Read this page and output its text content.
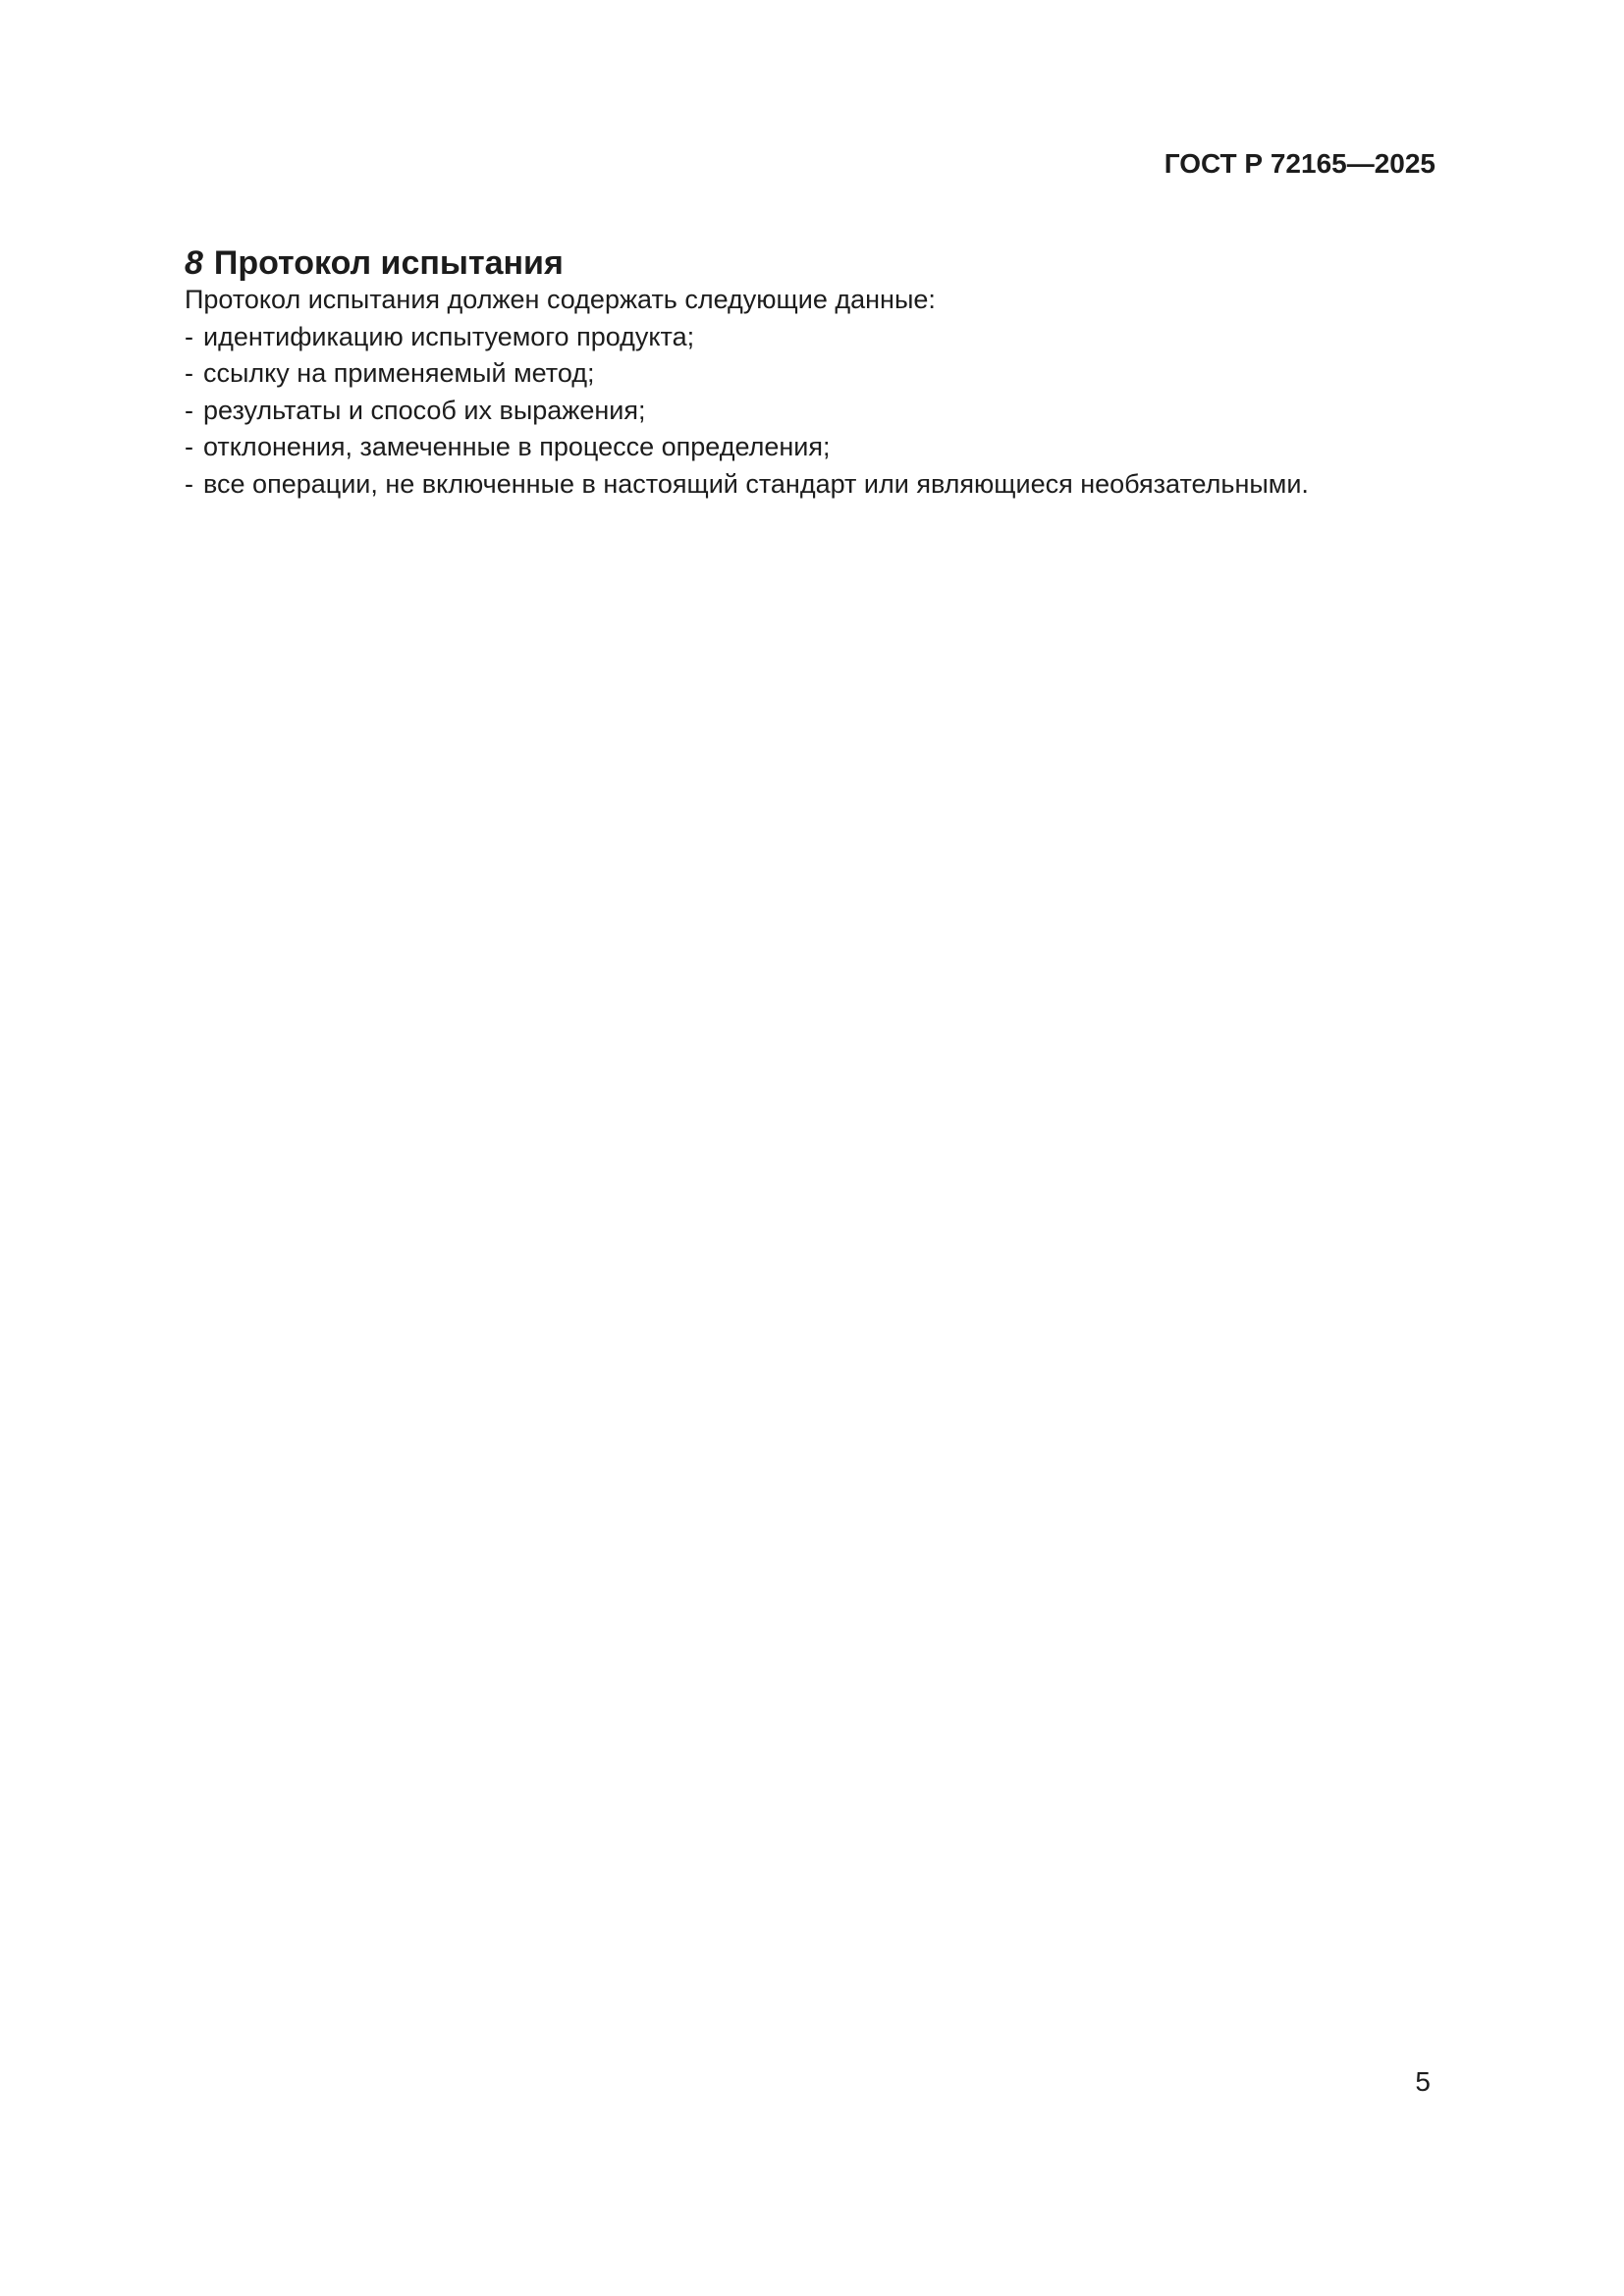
ГОСТ Р 72165—2025
8 Протокол испытания

Протокол испытания должен содержать следующие данные:

- идентификацию испытуемого продукта;
- ссылку на применяемый метод;
- результаты и способ их выражения;
- отклонения, замеченные в процессе определения;
- все операции, не включенные в настоящий стандарт или являющиеся необязательными.
5
